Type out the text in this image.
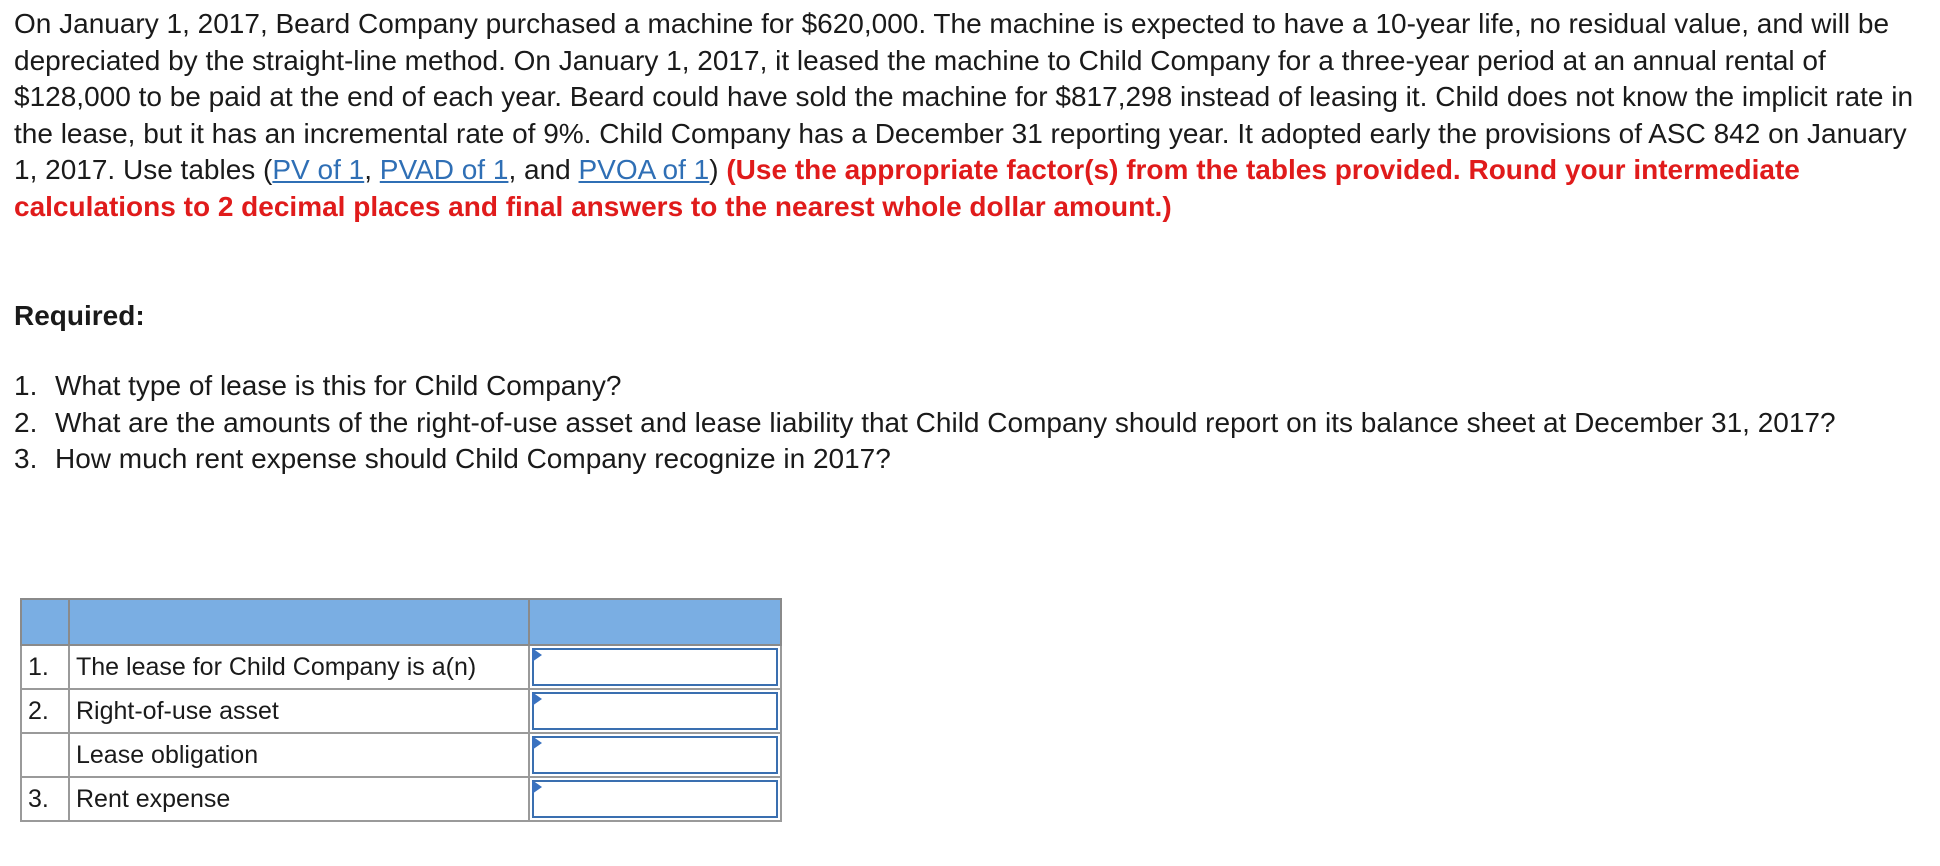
On January 1, 2017, Beard Company purchased a machine for $620,000. The machine is expected to have a 10-year life, no residual value, and will be depreciated by the straight-line method. On January 1, 2017, it leased the machine to Child Company for a three-year period at an annual rental of $128,000 to be paid at the end of each year. Beard could have sold the machine for $817,298 instead of leasing it. Child does not know the implicit rate in the lease, but it has an incremental rate of 9%. Child Company has a December 31 reporting year. It adopted early the provisions of ASC 842 on January 1, 2017. Use tables (PV of 1, PVAD of 1, and PVOA of 1) (Use the appropriate factor(s) from the tables provided. Round your intermediate calculations to 2 decimal places and final answers to the nearest whole dollar amount.)
Required:
1. What type of lease is this for Child Company?
2. What are the amounts of the right-of-use asset and lease liability that Child Company should report on its balance sheet at December 31, 2017?
3. How much rent expense should Child Company recognize in 2017?

1.	The lease for Child Company is a(n)	

2.	Right-of-use asset	

	Lease obligation	

3.	Rent expense	
